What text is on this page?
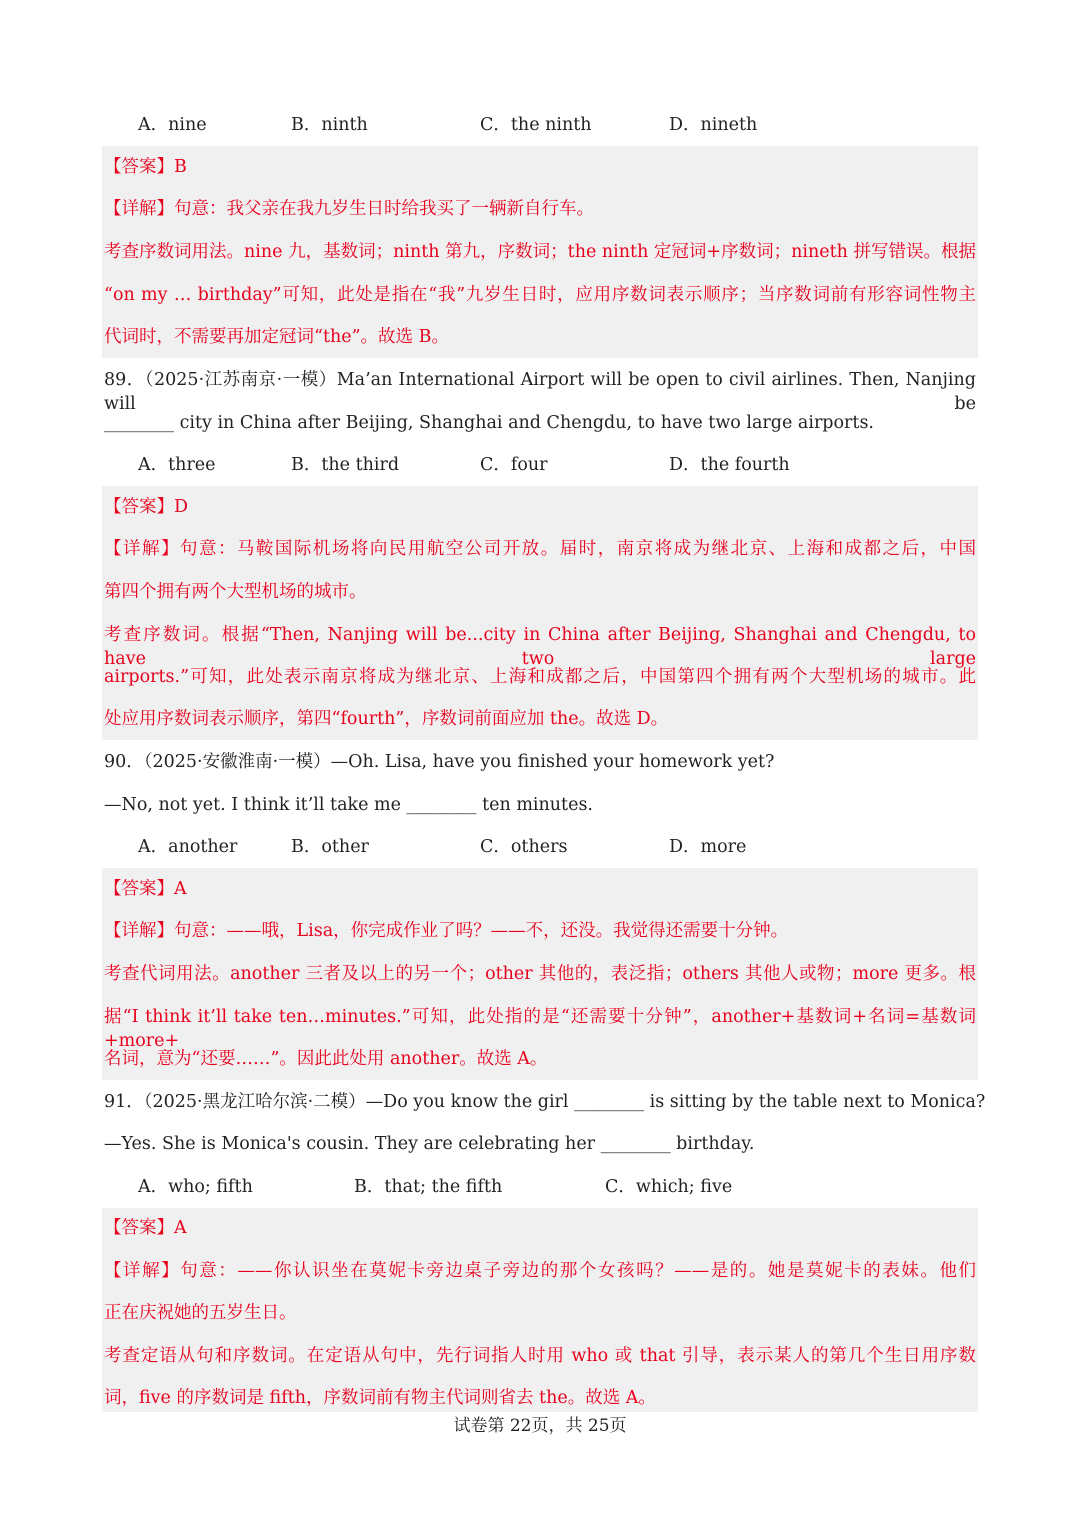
A．nine	B．ninth	C．the ninth	D．nineth
【答案】B
【详解】句意：我父亲在我九岁生日时给我买了一辆新自行车。
考查序数词用法。nine 九，基数词；ninth 第九，序数词；the ninth 定冠词+序数词；nineth 拼写错误。根据
“on my … birthday”可知，此处是指在“我”九岁生日时，应用序数词表示顺序；当序数词前有形容词性物主
代词时，不需要再加定冠词“the”。故选 B。
89．（2025·江苏南京·一模）Ma’an International Airport will be open to civil airlines. Then, Nanjing will be
________ city in China after Beijing, Shanghai and Chengdu, to have two large airports.
A．three	B．the third	C．four	D．the fourth
【答案】D
【详解】句意：马鞍国际机场将向民用航空公司开放。届时，南京将成为继北京、上海和成都之后，中国
第四个拥有两个大型机场的城市。
考查序数词。根据“Then, Nanjing will be...city in China after Beijing, Shanghai and Chengdu, to have two large
airports.”可知，此处表示南京将成为继北京、上海和成都之后，中国第四个拥有两个大型机场的城市。此
处应用序数词表示顺序，第四“fourth”，序数词前面应加 the。故选 D。
90．（2025·安徽淮南·一模）—Oh. Lisa, have you finished your homework yet?
—No, not yet. I think it’ll take me ________ ten minutes.
A．another	B．other	C．others	D．more
【答案】A
【详解】句意：——哦，Lisa，你完成作业了吗？——不，还没。我觉得还需要十分钟。
考查代词用法。another 三者及以上的另一个；other 其他的，表泛指；others 其他人或物；more 更多。根
据“I think it’ll take ten…minutes.”可知，此处指的是“还需要十分钟”，another+基数词+名词=基数词+more+
名词，意为“还要……”。因此此处用 another。故选 A。
91．（2025·黑龙江哈尔滨·二模）—Do you know the girl ________ is sitting by the table next to Monica?
—Yes. She is Monica's cousin. They are celebrating her ________ birthday.
A．who; fifth	B．that; the fifth	C．which; five
【答案】A
【详解】句意：——你认识坐在莫妮卡旁边桌子旁边的那个女孩吗？——是的。她是莫妮卡的表妹。他们
正在庆祝她的五岁生日。
考查定语从句和序数词。在定语从句中，先行词指人时用 who 或 that 引导，表示某人的第几个生日用序数
词，five 的序数词是 fifth，序数词前有物主代词则省去 the。故选 A。
试卷第 22页，共 25页
